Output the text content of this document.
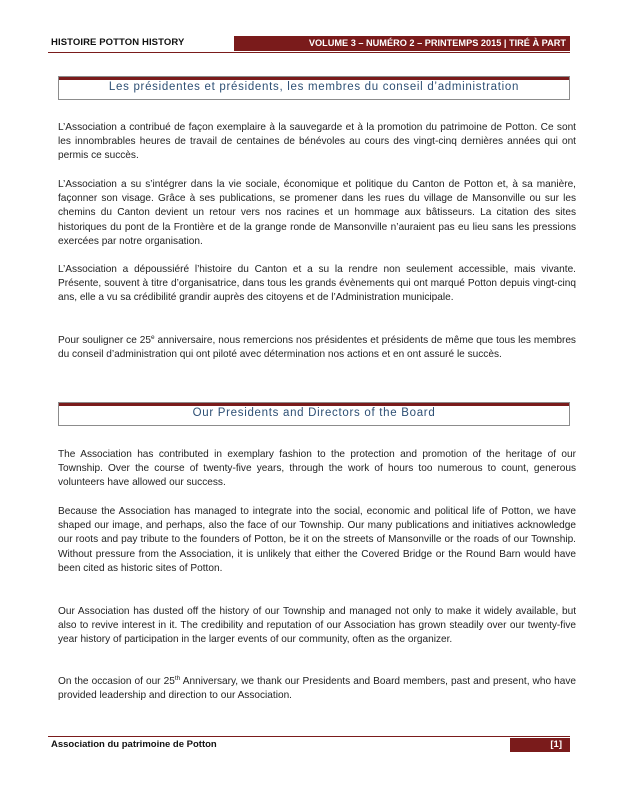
HISTOIRE POTTON HISTORY	VOLUME 3 – NUMÉRO 2 – PRINTEMPS 2015 | TIRÉ À PART
Les présidentes et présidents, les membres du conseil d’administration

L’Association a contribué de façon exemplaire à la sauvegarde et à la promotion du patrimoine de Potton. Ce sont les innombrables heures de travail de centaines de bénévoles au cours des vingt-cinq dernières années qui ont permis ce succès.

L’Association a su s’intégrer dans la vie sociale, économique et politique du Canton de Potton et, à sa manière, façonner son visage. Grâce à ses publications, se promener dans les rues du village de Mansonville ou sur les chemins du Canton devient un retour vers nos racines et un hommage aux bâtisseurs. La citation des sites historiques du pont de la Frontière et de la grange ronde de Mansonville n’auraient pas eu lieu sans les pressions exercées par notre organisation.

L’Association a dépoussiéré l’histoire du Canton et a su la rendre non seulement accessible, mais vivante. Présente, souvent à titre d’organisatrice, dans tous les grands évènements qui ont marqué Potton depuis vingt-cinq ans, elle a vu sa crédibilité grandir auprès des citoyens et de l’Administration municipale.

Pour souligner ce 25e anniversaire, nous remercions nos présidentes et présidents de même que tous les membres du conseil d’administration qui ont piloté avec détermination nos actions et en ont assuré le succès.

Our Presidents and Directors of the Board

The Association has contributed in exemplary fashion to the protection and promotion of the heritage of our Township. Over the course of twenty-five years, through the work of hours too numerous to count, generous volunteers have allowed our success.

Because the Association has managed to integrate into the social, economic and political life of Potton, we have shaped our image, and perhaps, also the face of our Township. Our many publications and initiatives acknowledge our roots and pay tribute to the founders of Potton, be it on the streets of Mansonville or the roads of our Township. Without pressure from the Association, it is unlikely that either the Covered Bridge or the Round Barn would have been cited as historic sites of Potton.

Our Association has dusted off the history of our Township and managed not only to make it widely available, but also to revive interest in it. The credibility and reputation of our Association has grown steadily over our twenty-five year history of participation in the larger events of our community, often as the organizer.

On the occasion of our 25th Anniversary, we thank our Presidents and Board members, past and present, who have provided leadership and direction to our Association.

Association du patrimoine de Potton	[1]
